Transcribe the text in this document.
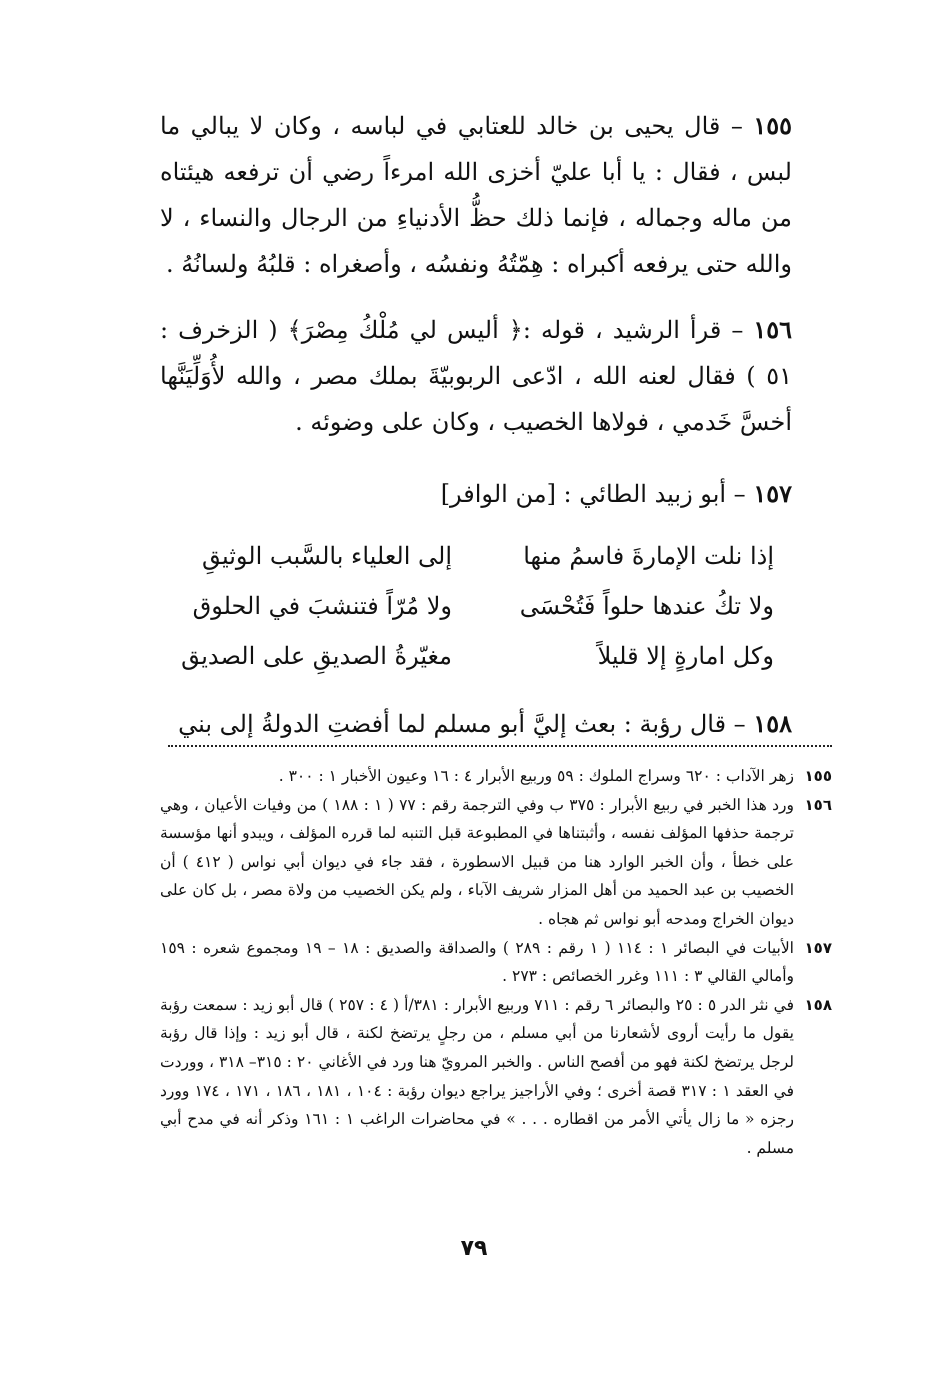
١٥٥ – قال يحيى بن خالد للعتابي في لباسه ، وكان لا يبالي ما لبس ، فقال : يا أبا عليّ أخزى الله امرءاً رضي أن ترفعه هيئتاه من ماله وجماله ، فإنما ذلك حظُّ الأدنياءِ من الرجال والنساء ، لا والله حتى يرفعه أكبراه : هِمّتُهُ ونفسُه ، وأصغراه : قلبُهُ ولسانُهُ .

١٥٦ – قرأ الرشيد ، قوله :﴿ أليس لي مُلْكُ مِصْرَ﴾ ( الزخرف : ٥١ ) فقال لعنه الله ، ادّعى الربوبيّةَ بملك مصر ، والله لأُوَلِّيَنَّها أخسَّ خَدمي ، فولاها الخصيب ، وكان على وضوئه .

١٥٧ – أبو زبيد الطائي : [من الوافر]

إذا نلت الإمارةَ فاسمُ منها
إلى العلياء بالسَّبب الوثيقِ
ولا تكُ عندها حلواً فَتُحْسَى
ولا مُرّاً فتنشبَ في الحلوق
وكل امارةٍ إلا قليلاً
مغيّرةُ الصديقِ على الصديق

١٥٨ – قال رؤبة : بعث إليَّ أبو مسلم لما أفضتِ الدولةُ إلى بني

١٥٥
زهر الآداب : ٦٢٠ وسراج الملوك : ٥٩ وربيع الأبرار ٤ : ١٦ وعيون الأخبار ١ : ٣٠٠ .

١٥٦
ورد هذا الخبر في ربيع الأبرار : ٣٧٥ ب وفي الترجمة رقم : ٧٧ ( ١ : ١٨٨ ) من وفيات الأعيان ، وهي ترجمة حذفها المؤلف نفسه ، وأثبتناها في المطبوعة قبل التنبه لما قرره المؤلف ، ويبدو أنها مؤسسة على خطأ ، وأن الخبر الوارد هنا من قبيل الاسطورة ، فقد جاء في ديوان أبي نواس ( ٤١٢ ) أن الخصيب بن عبد الحميد من أهل المزار شريف الآباء ، ولم يكن الخصيب من ولاة مصر ، بل كان على ديوان الخراج ومدحه أبو نواس ثم هجاه .

١٥٧
الأبيات في البصائر ١ : ١١٤ ( ١ رقم : ٢٨٩ ) والصداقة والصديق : ١٨ – ١٩ ومجموع شعره : ١٥٩ وأمالي القالي ٣ : ١١١ وغرر الخصائص : ٢٧٣ .

١٥٨
في نثر الدر ٥ : ٢٥ والبصائر ٦ رقم : ٧١١ وربيع الأبرار : ٣٨١/أ ( ٤ : ٢٥٧ ) قال أبو زيد : سمعت رؤبة يقول ما رأيت أروى لأشعارنا من أبي مسلم ، من رجلٍ يرتضخ لكنة ، قال أبو زيد : وإذا قال رؤبة لرجل يرتضخ لكنة فهو من أفصح الناس . والخبر المرويّ هنا ورد في الأغاني ٢٠ : ٣١٥– ٣١٨ ، ووردت في العقد ١ : ٣١٧ قصة أخرى ؛ وفي الأراجيز يراجع ديوان رؤبة : ١٠٤ ، ١٨١ ، ١٨٦ ، ١٧١ ، ١٧٤ وورد رجزه « ما زال يأتي الأمر من اقطاره . . . » في محاضرات الراغب ١ : ١٦١ وذكر أنه في مدح أبي مسلم .

٧٩
